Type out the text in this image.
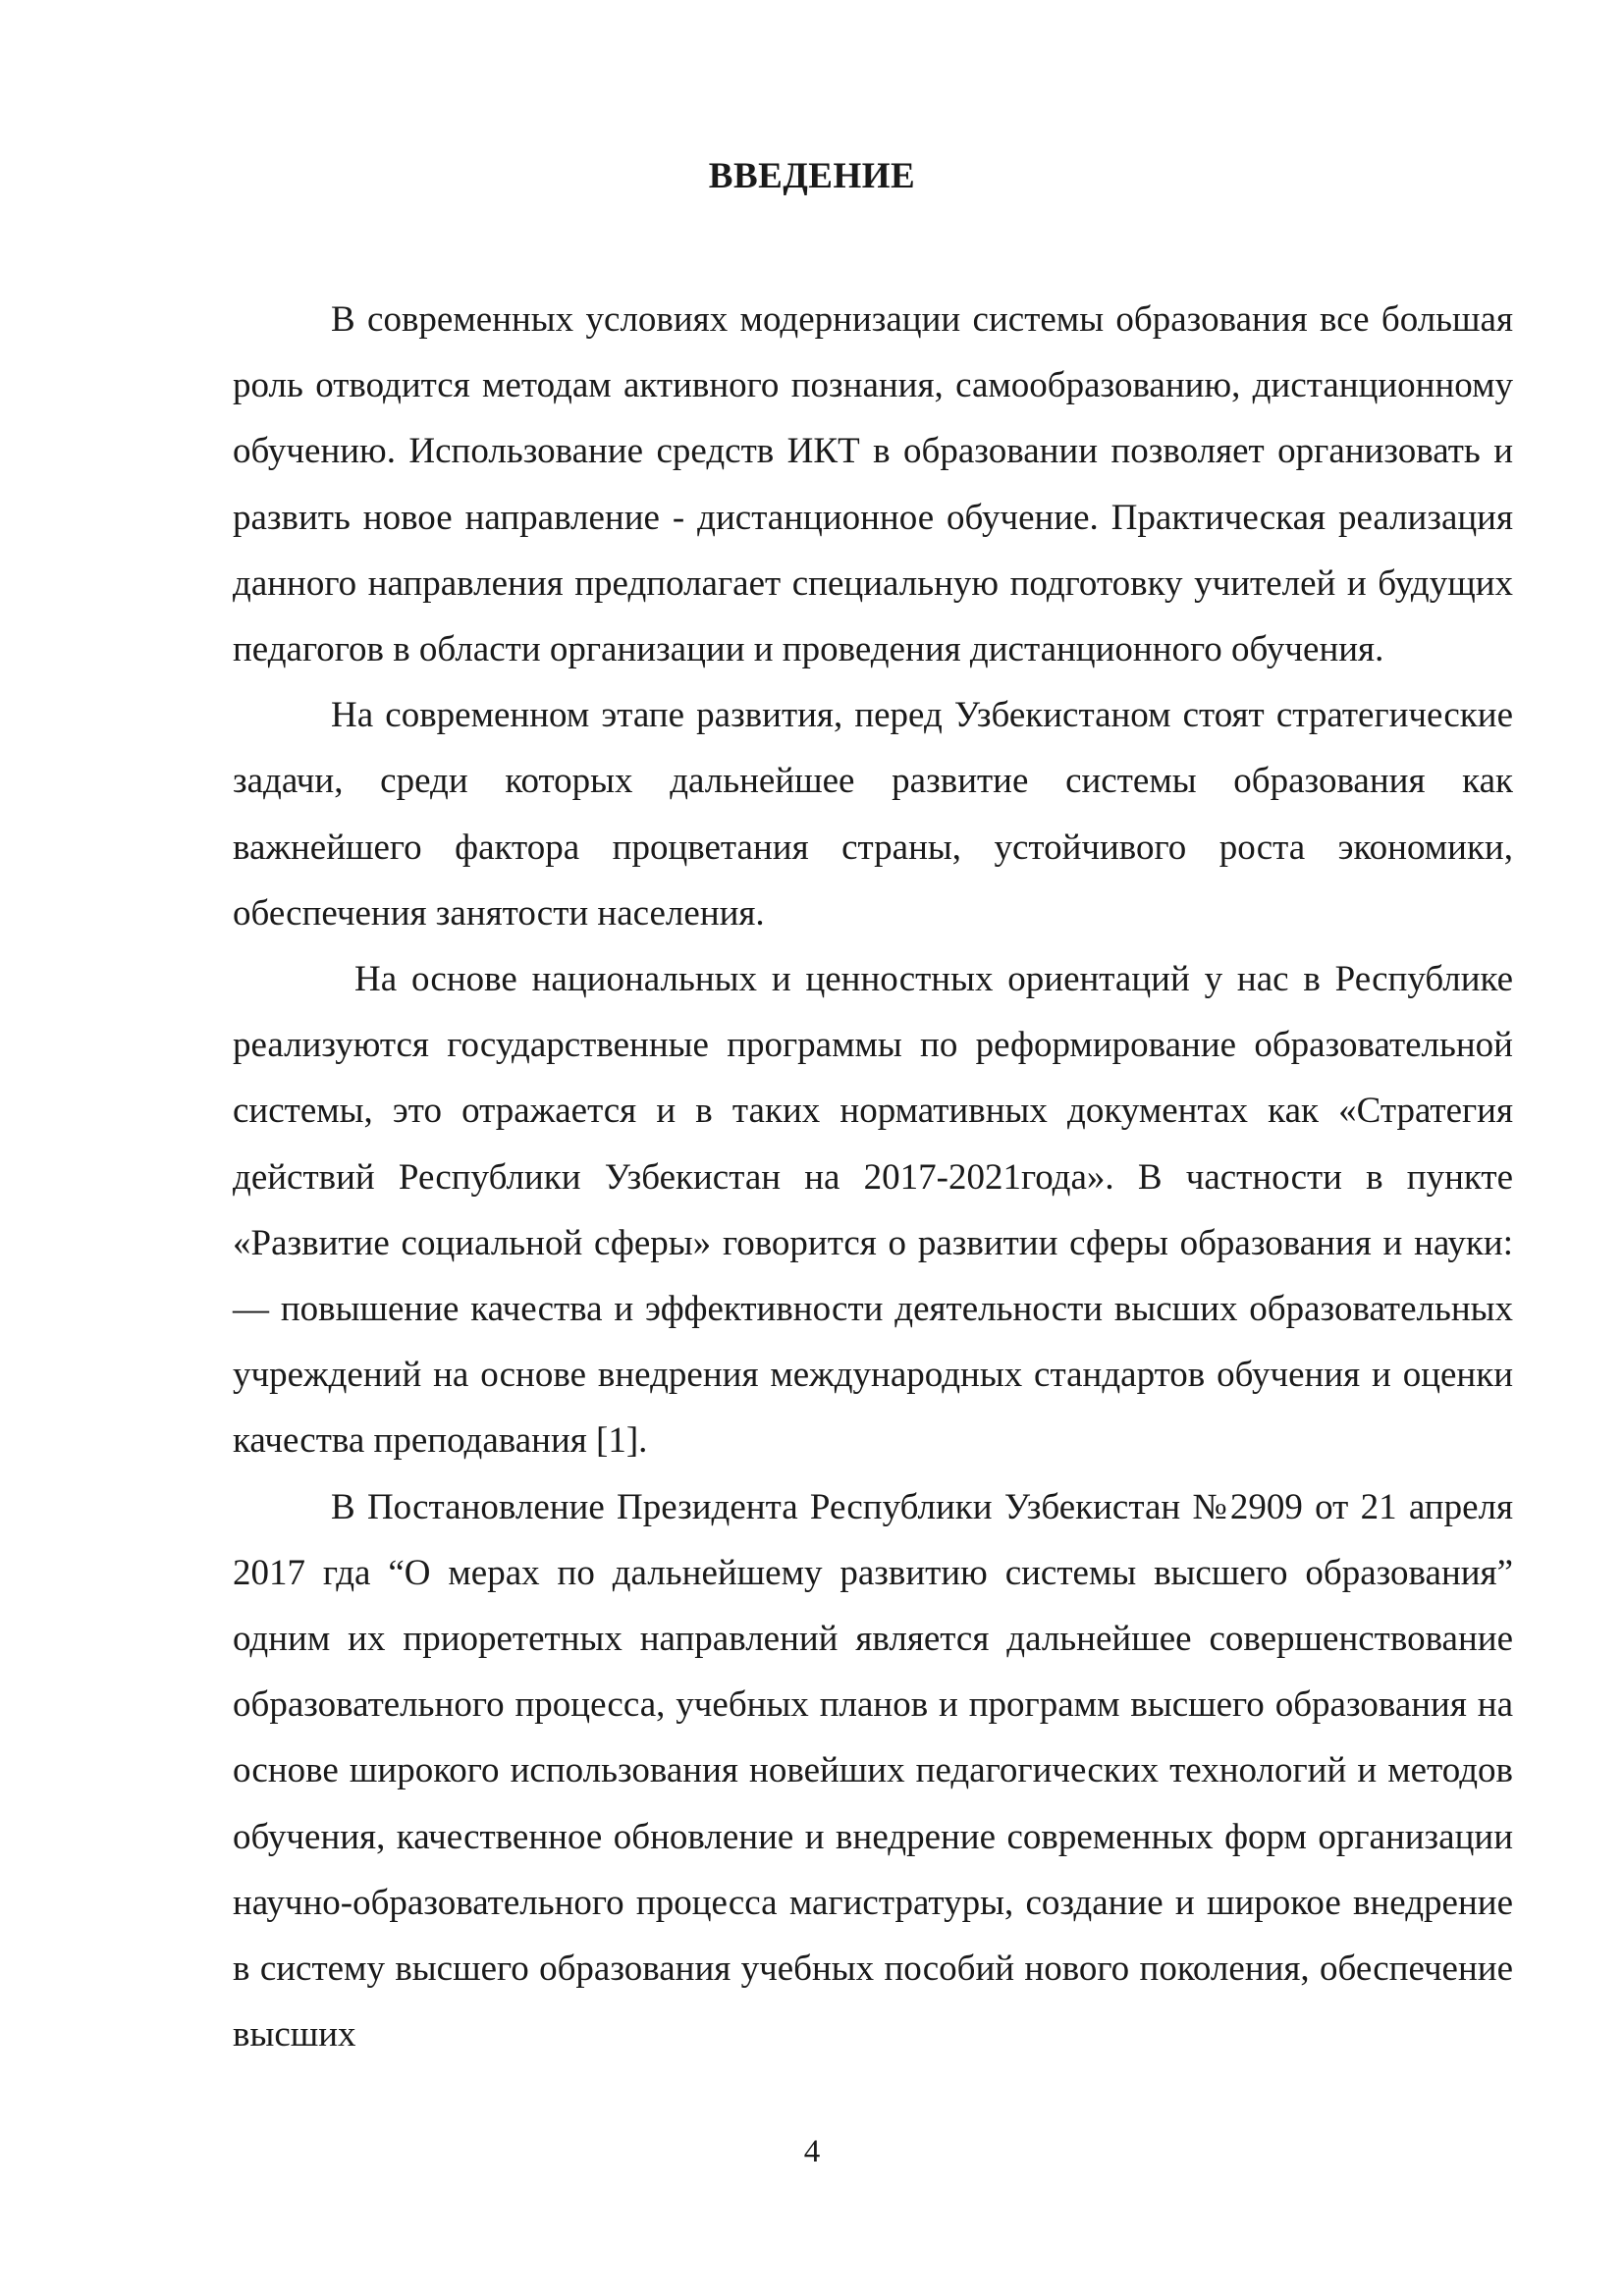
ВВЕДЕНИЕ

В современных условиях модернизации системы образования все большая роль отводится методам активного познания, самообразованию, дистанционному обучению. Использование средств ИКТ в образовании позволяет организовать и развить новое направление - дистанционное обучение. Практическая реализация данного направления предполагает специальную подготовку учителей и будущих педагогов в области организации и проведения дистанционного обучения.

На современном этапе развития, перед Узбекистаном стоят стратегические задачи, среди которых дальнейшее развитие системы образования как важнейшего фактора процветания страны, устойчивого роста экономики, обеспечения занятости населения.

На основе национальных и ценностных ориентаций у нас в Республике реализуются государственные программы по реформирование образовательной системы, это отражается и в таких нормативных документах как «Стратегия действий Республики Узбекистан на 2017-2021года». В частности в пункте «Развитие социальной сферы» говорится о развитии сферы образования и науки: — повышение качества и эффективности деятельности высших образовательных учреждений на основе внедрения международных стандартов обучения и оценки качества преподавания [1].

В Постановление Президента Республики Узбекистан №2909 от 21 апреля 2017 гда “О мерах по дальнейшему развитию системы высшего образования” одним их приорететных направлений является дальнейшее совершенствование образовательного процесса, учебных планов и программ высшего образования на основе широкого использования новейших педагогических технологий и методов обучения, качественное обновление и внедрение современных форм организации научно-образовательного процесса магистратуры, создание и широкое внедрение в систему высшего образования учебных пособий нового поколения, обеспечение высших

4
